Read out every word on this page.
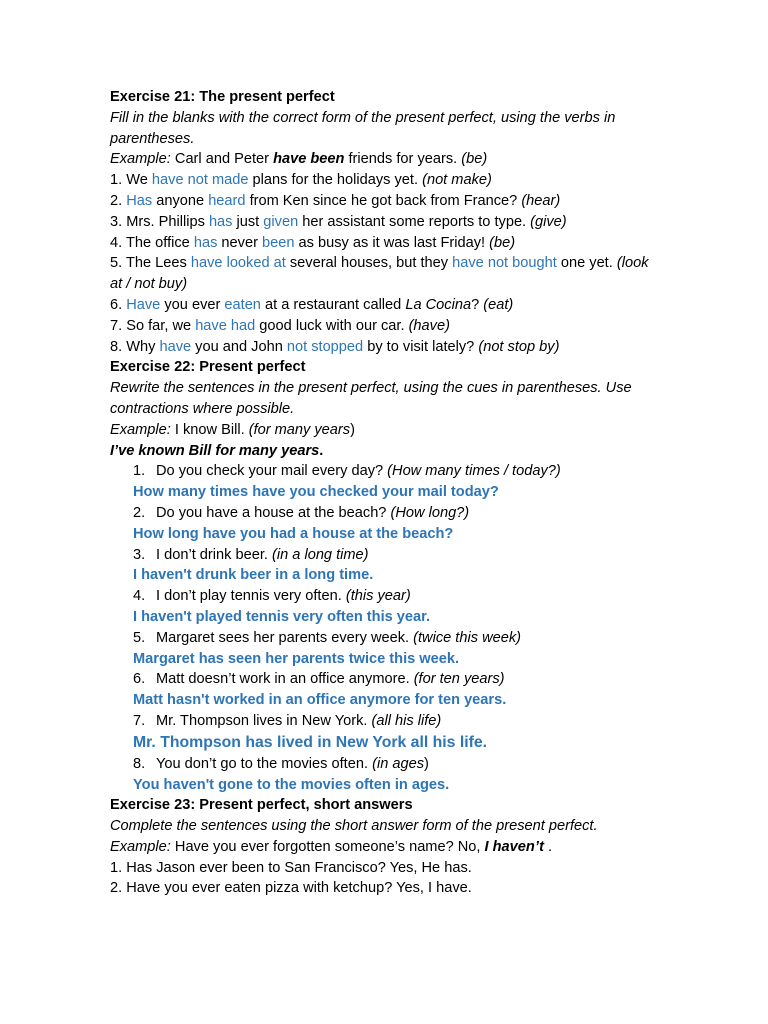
Exercise 21: The present perfect
Fill in the blanks with the correct form of the present perfect, using the verbs in parentheses.
Example: Carl and Peter have been friends for years. (be)
1. We have not made plans for the holidays yet. (not make)
2. Has anyone heard from Ken since he got back from France? (hear)
3. Mrs. Phillips has just given her assistant some reports to type. (give)
4. The office has never been as busy as it was last Friday! (be)
5. The Lees have looked at several houses, but they have not bought one yet. (look at / not buy)
6. Have you ever eaten at a restaurant called La Cocina? (eat)
7. So far, we have had good luck with our car. (have)
8. Why have you and John not stopped by to visit lately? (not stop by)
Exercise 22: Present perfect
Rewrite the sentences in the present perfect, using the cues in parentheses. Use contractions where possible.
Example: I know Bill. (for many years)
I’ve known Bill for many years.
1. Do you check your mail every day? (How many times / today?)
How many times have you checked your mail today?
2. Do you have a house at the beach? (How long?)
How long have you had a house at the beach?
3. I don’t drink beer. (in a long time)
I haven't drunk beer in a long time.
4. I don’t play tennis very often. (this year)
I haven't played tennis very often this year.
5. Margaret sees her parents every week. (twice this week)
Margaret has seen her parents twice this week.
6. Matt doesn’t work in an office anymore. (for ten years)
Matt hasn't worked in an office anymore for ten years.
7. Mr. Thompson lives in New York. (all his life)
Mr. Thompson has lived in New York all his life.
8. You don’t go to the movies often. (in ages)
You haven't gone to the movies often in ages.
Exercise 23: Present perfect, short answers
Complete the sentences using the short answer form of the present perfect.
Example: Have you ever forgotten someone’s name? No, I haven’t .
1. Has Jason ever been to San Francisco? Yes, He has.
2. Have you ever eaten pizza with ketchup? Yes, I have.
